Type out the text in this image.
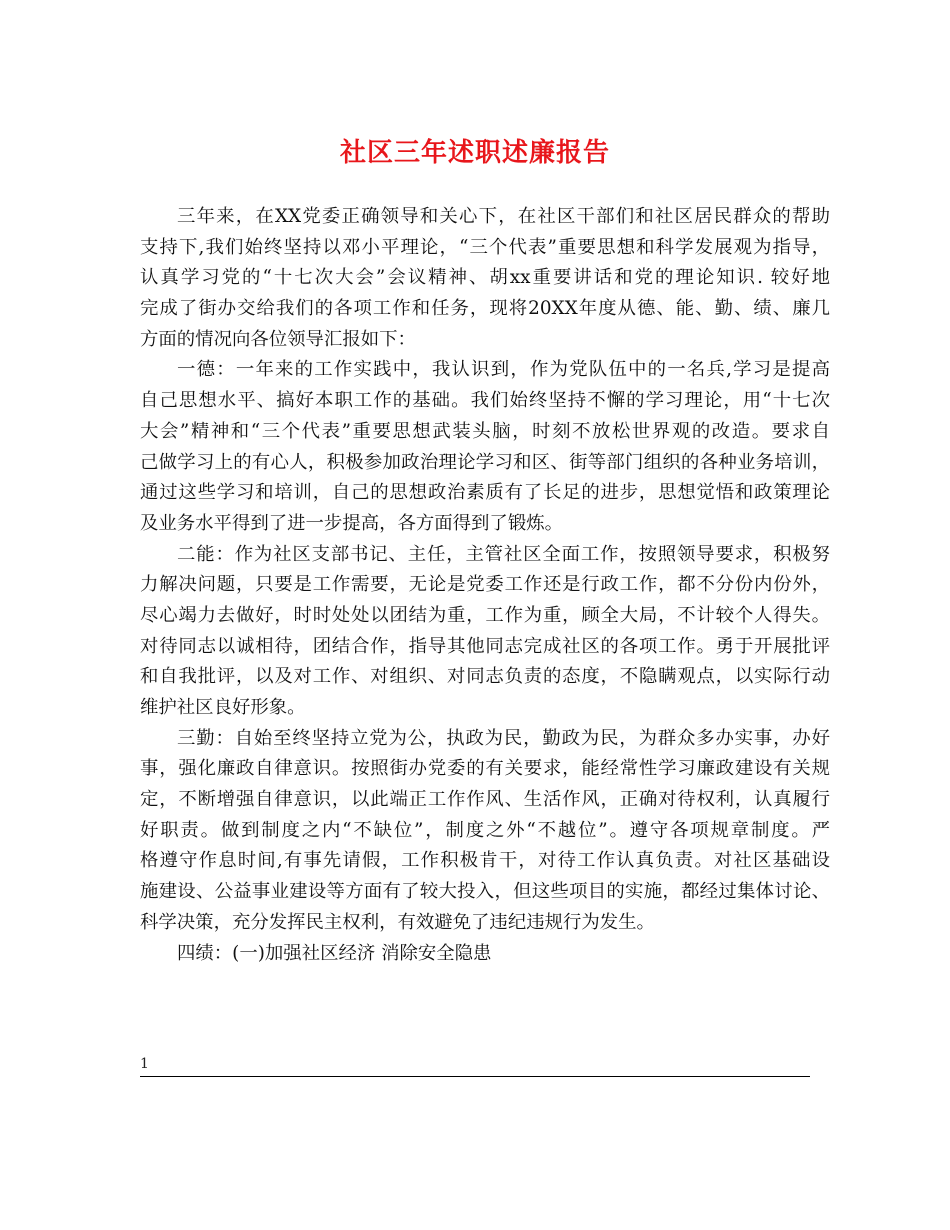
社区三年述职述廉报告
三年来，在XX党委正确领导和关心下，在社区干部们和社区居民群众的帮助
支持下,我们始终坚持以邓小平理论，“三个代表”重要思想和科学发展观为指导，
认真学习党的“十七次大会”会议精神、胡xx重要讲话和党的理论知识. 较好地
完成了街办交给我们的各项工作和任务，现将20XX年度从德、能、勤、绩、廉几
方面的情况向各位领导汇报如下：
一德：一年来的工作实践中，我认识到，作为党队伍中的一名兵,学习是提高
自己思想水平、搞好本职工作的基础。我们始终坚持不懈的学习理论，用“十七次
大会”精神和“三个代表”重要思想武装头脑，时刻不放松世界观的改造。要求自
己做学习上的有心人，积极参加政治理论学习和区、街等部门组织的各种业务培训，
通过这些学习和培训，自己的思想政治素质有了长足的进步，思想觉悟和政策理论
及业务水平得到了进一步提高，各方面得到了锻炼。
二能：作为社区支部书记、主任，主管社区全面工作，按照领导要求，积极努
力解决问题，只要是工作需要，无论是党委工作还是行政工作，都不分份内份外，
尽心竭力去做好，时时处处以团结为重，工作为重，顾全大局，不计较个人得失。
对待同志以诚相待，团结合作，指导其他同志完成社区的各项工作。勇于开展批评
和自我批评，以及对工作、对组织、对同志负责的态度，不隐瞒观点，以实际行动
维护社区良好形象。
三勤：自始至终坚持立党为公，执政为民，勤政为民，为群众多办实事，办好
事，强化廉政自律意识。按照街办党委的有关要求，能经常性学习廉政建设有关规
定，不断增强自律意识，以此端正工作作风、生活作风，正确对待权利，认真履行
好职责。做到制度之内“不缺位”，制度之外“不越位”。遵守各项规章制度。严
格遵守作息时间,有事先请假，工作积极肯干，对待工作认真负责。对社区基础设
施建设、公益事业建设等方面有了较大投入，但这些项目的实施，都经过集体讨论、
科学决策，充分发挥民主权利，有效避免了违纪违规行为发生。
四绩：(一)加强社区经济 消除安全隐患
1
